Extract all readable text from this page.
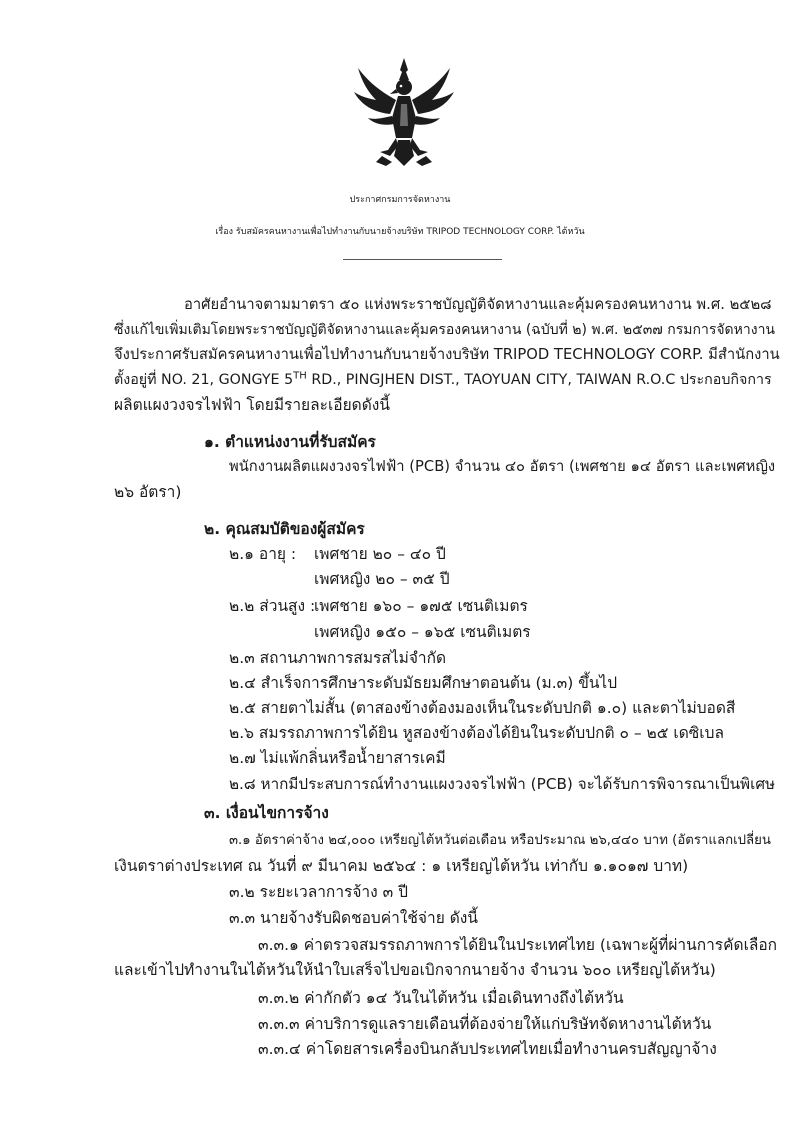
ประกาศกรมการจัดหางาน
เรื่อง รับสมัครคนหางานเพื่อไปทำงานกับนายจ้างบริษัท TRIPOD TECHNOLOGY CORP. ไต้หวัน
อาศัยอำนาจตามมาตรา ๕๐ แห่งพระราชบัญญัติจัดหางานและคุ้มครองคนหางาน พ.ศ. ๒๕๒๘
ซึ่งแก้ไขเพิ่มเติมโดยพระราชบัญญัติจัดหางานและคุ้มครองคนหางาน (ฉบับที่ ๒) พ.ศ. ๒๕๓๗ กรมการจัดหางาน
จึงประกาศรับสมัครคนหางานเพื่อไปทำงานกับนายจ้างบริษัท TRIPOD TECHNOLOGY CORP. มีสำนักงาน
ตั้งอยู่ที่ NO. 21, GONGYE 5TH RD., PINGJHEN DIST., TAOYUAN CITY, TAIWAN R.O.C ประกอบกิจการ
ผลิตแผงวงจรไฟฟ้า โดยมีรายละเอียดดังนี้
๑. ตำแหน่งงานที่รับสมัคร
พนักงานผลิตแผงวงจรไฟฟ้า (PCB) จำนวน ๔๐ อัตรา (เพศชาย ๑๔ อัตรา และเพศหญิง
๒๖ อัตรา)
๒. คุณสมบัติของผู้สมัคร
๒.๑ อายุ : เพศชาย ๒๐ – ๔๐ ปี
เพศหญิง ๒๐ – ๓๕ ปี
๒.๒ ส่วนสูง :
เพศชาย ๑๖๐ – ๑๗๕ เซนติเมตร
เพศหญิง ๑๕๐ – ๑๖๕ เซนติเมตร
๒.๓ สถานภาพการสมรสไม่จำกัด
๒.๔ สำเร็จการศึกษาระดับมัธยมศึกษาตอนต้น (ม.๓) ขึ้นไป
๒.๕ สายตาไม่สั้น (ตาสองข้างต้องมองเห็นในระดับปกติ ๑.๐) และตาไม่บอดสี
๒.๖ สมรรถภาพการได้ยิน หูสองข้างต้องได้ยินในระดับปกติ ๐ – ๒๕ เดซิเบล
๒.๗ ไม่แพ้กลิ่นหรือน้ำยาสารเคมี
๒.๘ หากมีประสบการณ์ทำงานแผงวงจรไฟฟ้า (PCB) จะได้รับการพิจารณาเป็นพิเศษ
๓. เงื่อนไขการจ้าง
๓.๑ อัตราค่าจ้าง ๒๔,๐๐๐ เหรียญไต้หวันต่อเดือน หรือประมาณ ๒๖,๔๔๐ บาท (อัตราแลกเปลี่ยน
เงินตราต่างประเทศ ณ วันที่ ๙ มีนาคม ๒๕๖๔ : ๑ เหรียญไต้หวัน เท่ากับ ๑.๑๐๑๗ บาท)
๓.๒ ระยะเวลาการจ้าง ๓ ปี
๓.๓ นายจ้างรับผิดชอบค่าใช้จ่าย ดังนี้
๓.๓.๑ ค่าตรวจสมรรถภาพการได้ยินในประเทศไทย (เฉพาะผู้ที่ผ่านการคัดเลือก
และเข้าไปทำงานในไต้หวันให้นำใบเสร็จไปขอเบิกจากนายจ้าง จำนวน ๖๐๐ เหรียญไต้หวัน)
๓.๓.๒ ค่ากักตัว ๑๔ วันในไต้หวัน เมื่อเดินทางถึงไต้หวัน
๓.๓.๓ ค่าบริการดูแลรายเดือนที่ต้องจ่ายให้แก่บริษัทจัดหางานไต้หวัน
๓.๓.๔ ค่าโดยสารเครื่องบินกลับประเทศไทยเมื่อทำงานครบสัญญาจ้าง
